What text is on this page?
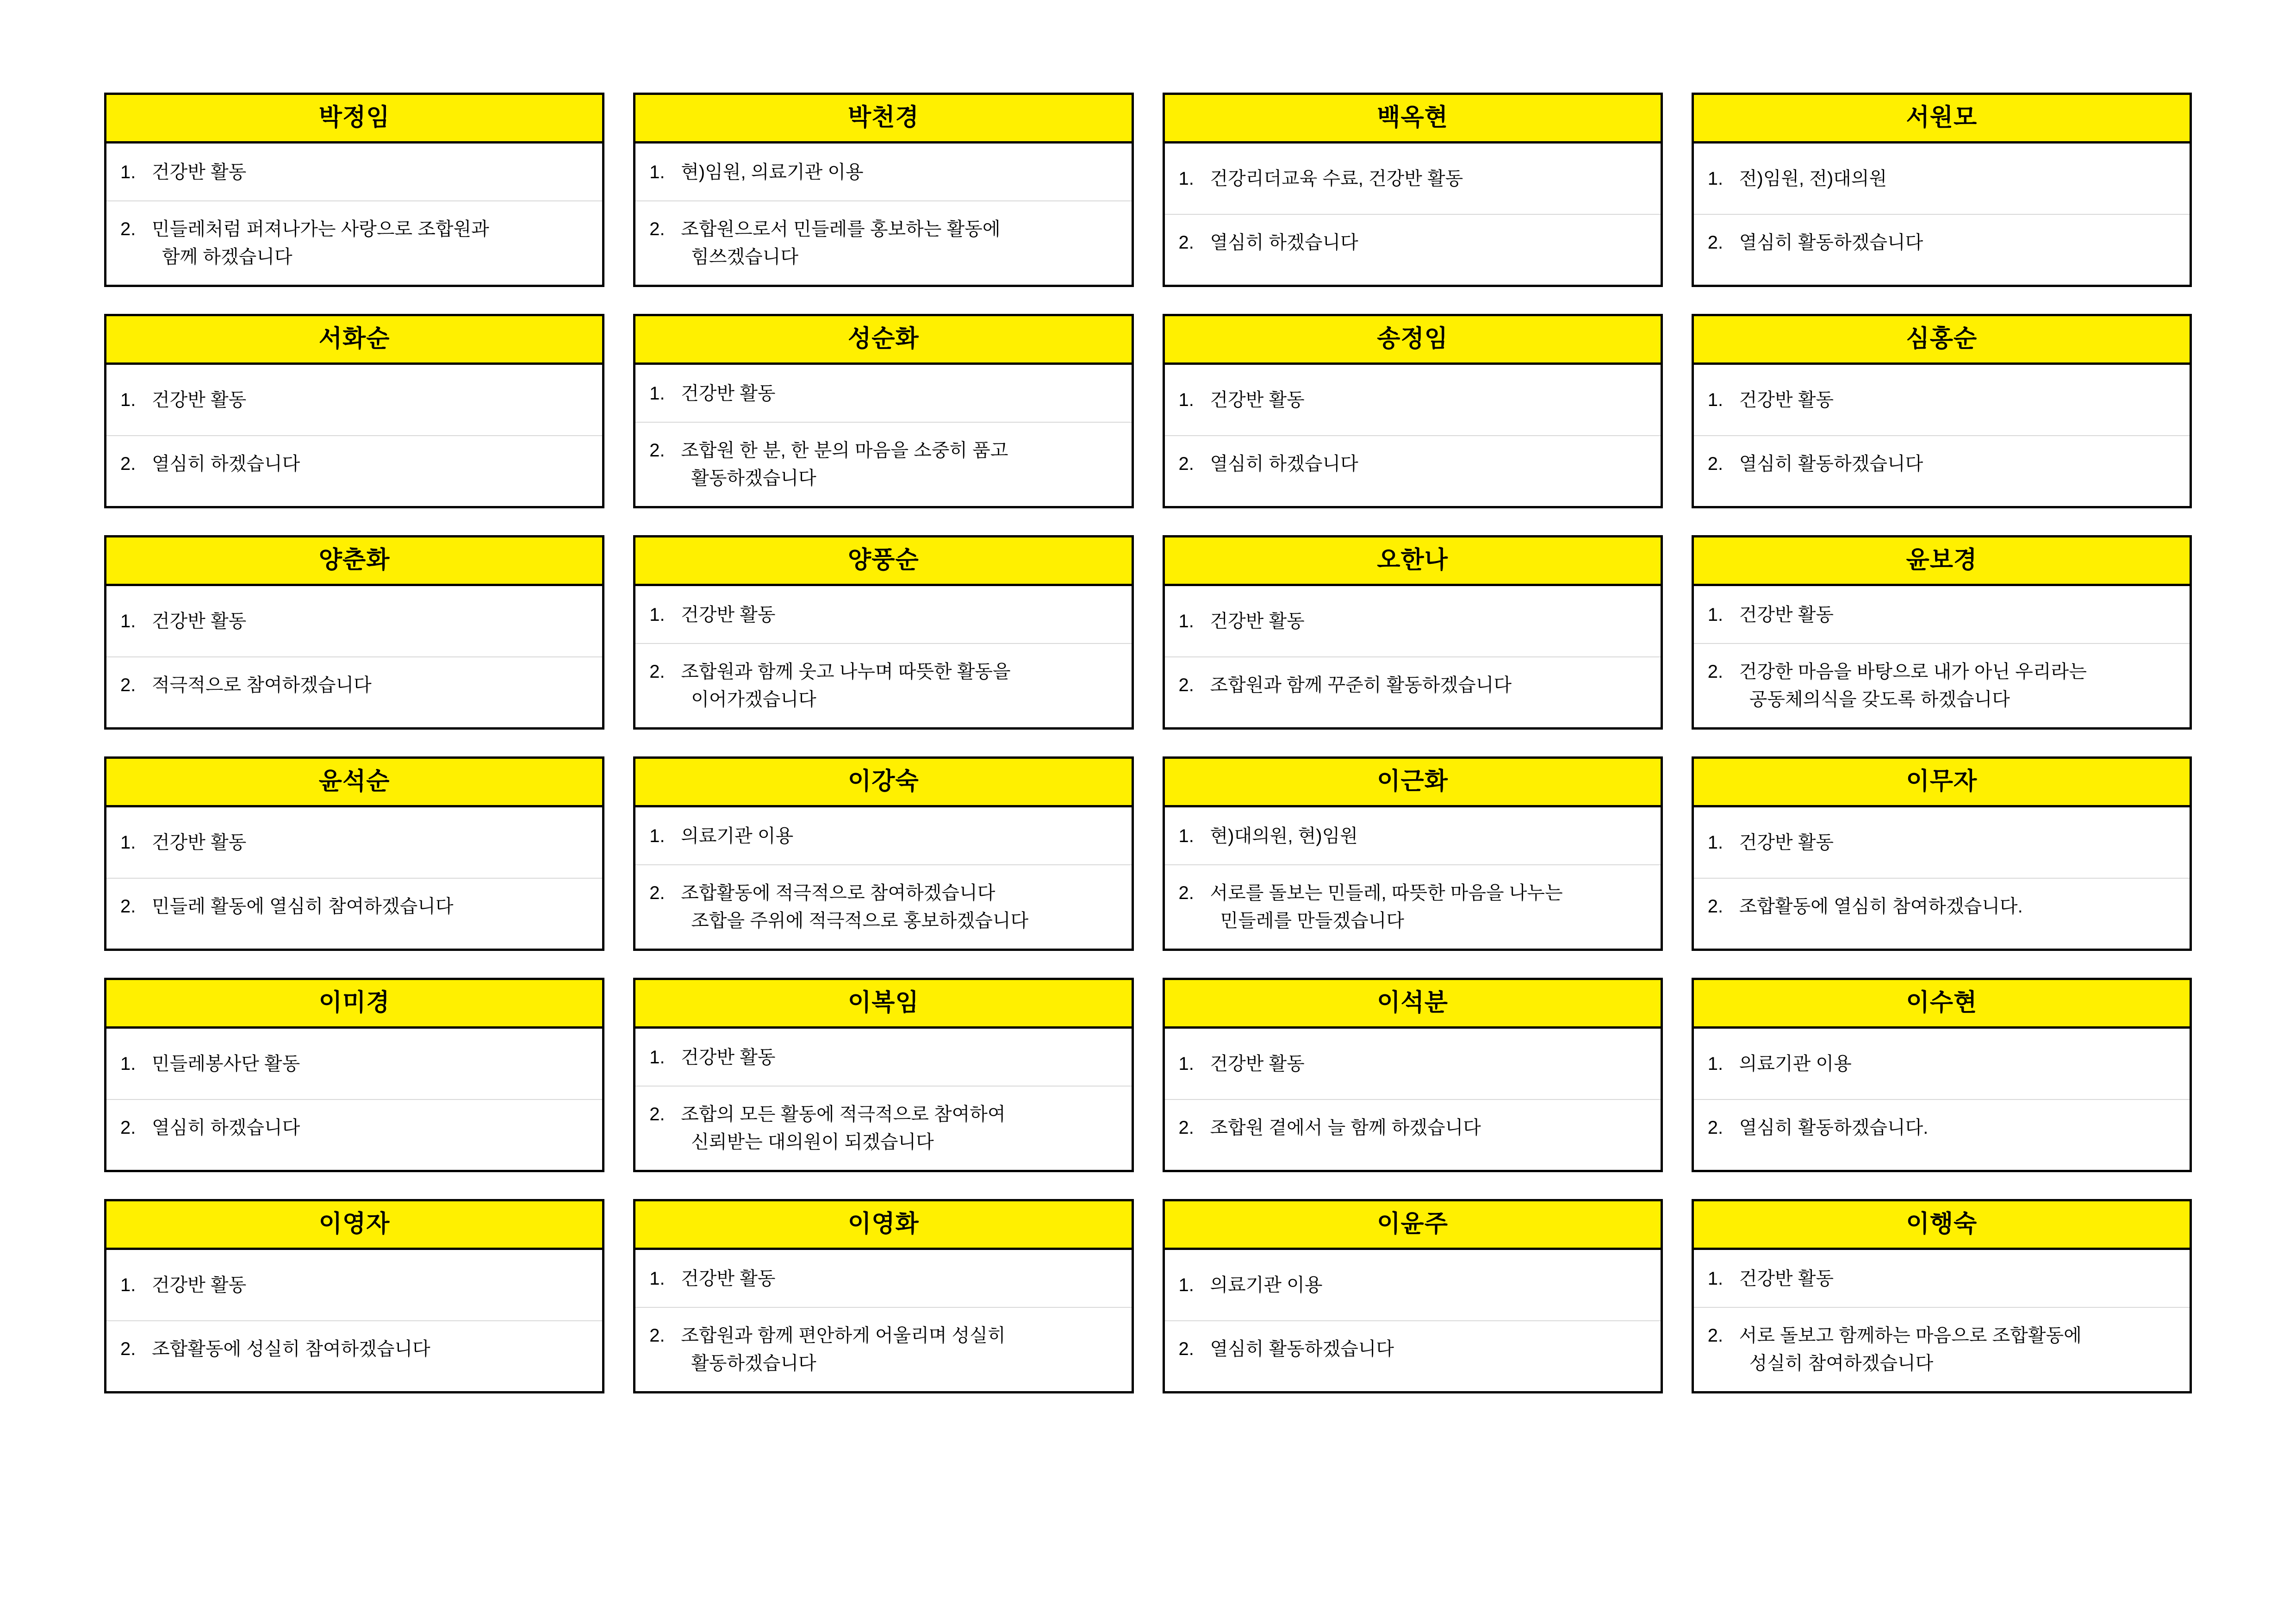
박정임
1. 건강반 활동
2. 민들레처럼 퍼져나가는 사랑으로 조합원과
함께 하겠습니다
박천경
1. 현)임원, 의료기관 이용
2. 조합원으로서 민들레를 홍보하는 활동에
힘쓰겠습니다
백옥현
1. 건강리더교육 수료, 건강반 활동
2. 열심히 하겠습니다
서원모
1. 전)임원, 전)대의원
2. 열심히 활동하겠습니다
서화순
1. 건강반 활동
2. 열심히 하겠습니다
성순화
1. 건강반 활동
2. 조합원 한 분, 한 분의 마음을 소중히 품고
활동하겠습니다
송정임
1. 건강반 활동
2. 열심히 하겠습니다
심홍순
1. 건강반 활동
2. 열심히 활동하겠습니다
양춘화
1. 건강반 활동
2. 적극적으로 참여하겠습니다
양풍순
1. 건강반 활동
2. 조합원과 함께 웃고 나누며 따뜻한 활동을
이어가겠습니다
오한나
1. 건강반 활동
2. 조합원과 함께 꾸준히 활동하겠습니다
윤보경
1. 건강반 활동
2. 건강한 마음을 바탕으로 내가 아닌 우리라는
공동체의식을 갖도록 하겠습니다
윤석순
1. 건강반 활동
2. 민들레 활동에 열심히 참여하겠습니다
이강숙
1. 의료기관 이용
2. 조합활동에 적극적으로 참여하겠습니다
조합을 주위에 적극적으로 홍보하겠습니다
이근화
1. 현)대의원, 현)임원
2. 서로를 돌보는 민들레, 따뜻한 마음을 나누는
민들레를 만들겠습니다
이무자
1. 건강반 활동
2. 조합활동에 열심히 참여하겠습니다.
이미경
1. 민들레봉사단 활동
2. 열심히 하겠습니다
이복임
1. 건강반 활동
2. 조합의 모든 활동에 적극적으로 참여하여
신뢰받는 대의원이 되겠습니다
이석분
1. 건강반 활동
2. 조합원 곁에서 늘 함께 하겠습니다
이수현
1. 의료기관 이용
2. 열심히 활동하겠습니다.
이영자
1. 건강반 활동
2. 조합활동에 성실히 참여하겠습니다
이영화
1. 건강반 활동
2. 조합원과 함께 편안하게 어울리며 성실히
활동하겠습니다
이윤주
1. 의료기관 이용
2. 열심히 활동하겠습니다
이행숙
1. 건강반 활동
2. 서로 돌보고 함께하는 마음으로 조합활동에
성실히 참여하겠습니다
